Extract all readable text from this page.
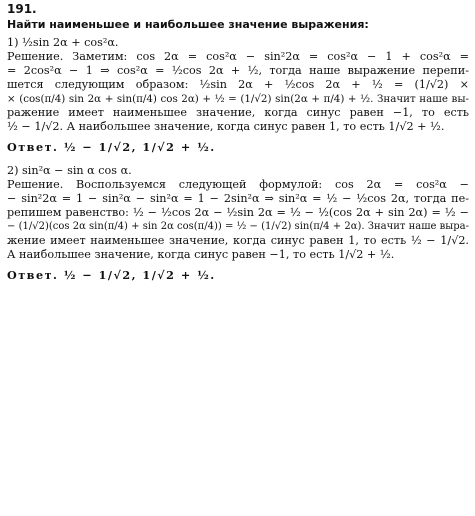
191.
Найти наименьшее и наибольшее значение выражения:
1) ½sin 2α + cos²α.
Решение. Заметим: cos 2α = cos²α − sin²2α = cos²α − 1 + cos²α =
= 2cos²α − 1 ⇒ cos²α = ½cos 2α + ½, тогда наше выражение перепи-
шется следующим образом: ½sin 2α + ½cos 2α + ½ = (1/√2) ×
× (cos(π/4) sin 2α + sin(π/4) cos 2α) + ½ = (1/√2) sin(2α + π/4) + ½. Значит наше вы-
ражение имеет наименьшее значение, когда синус равен −1, то есть
½ − 1/√2. А наибольшее значение, когда синус равен 1, то есть 1/√2 + ½.
Ответ. ½ − 1/√2, 1/√2 + ½.
2) sin²α − sin α cos α.
Решение. Воспользуемся следующей формулой: cos 2α = cos²α −
− sin²2α = 1 − sin²α − sin²α = 1 − 2sin²α ⇒ sin²α = ½ − ½cos 2α, тогда пе-
репишем равенство: ½ − ½cos 2α − ½sin 2α = ½ − ½(cos 2α + sin 2α) = ½ −
− (1/√2)(cos 2α sin(π/4) + sin 2α cos(π/4)) = ½ − (1/√2) sin(π/4 + 2α). Значит наше выра-
жение имеет наименьшее значение, когда синус равен 1, то есть ½ − 1/√2.
А наибольшее значение, когда синус равен −1, то есть 1/√2 + ½.
Ответ. ½ − 1/√2, 1/√2 + ½.
